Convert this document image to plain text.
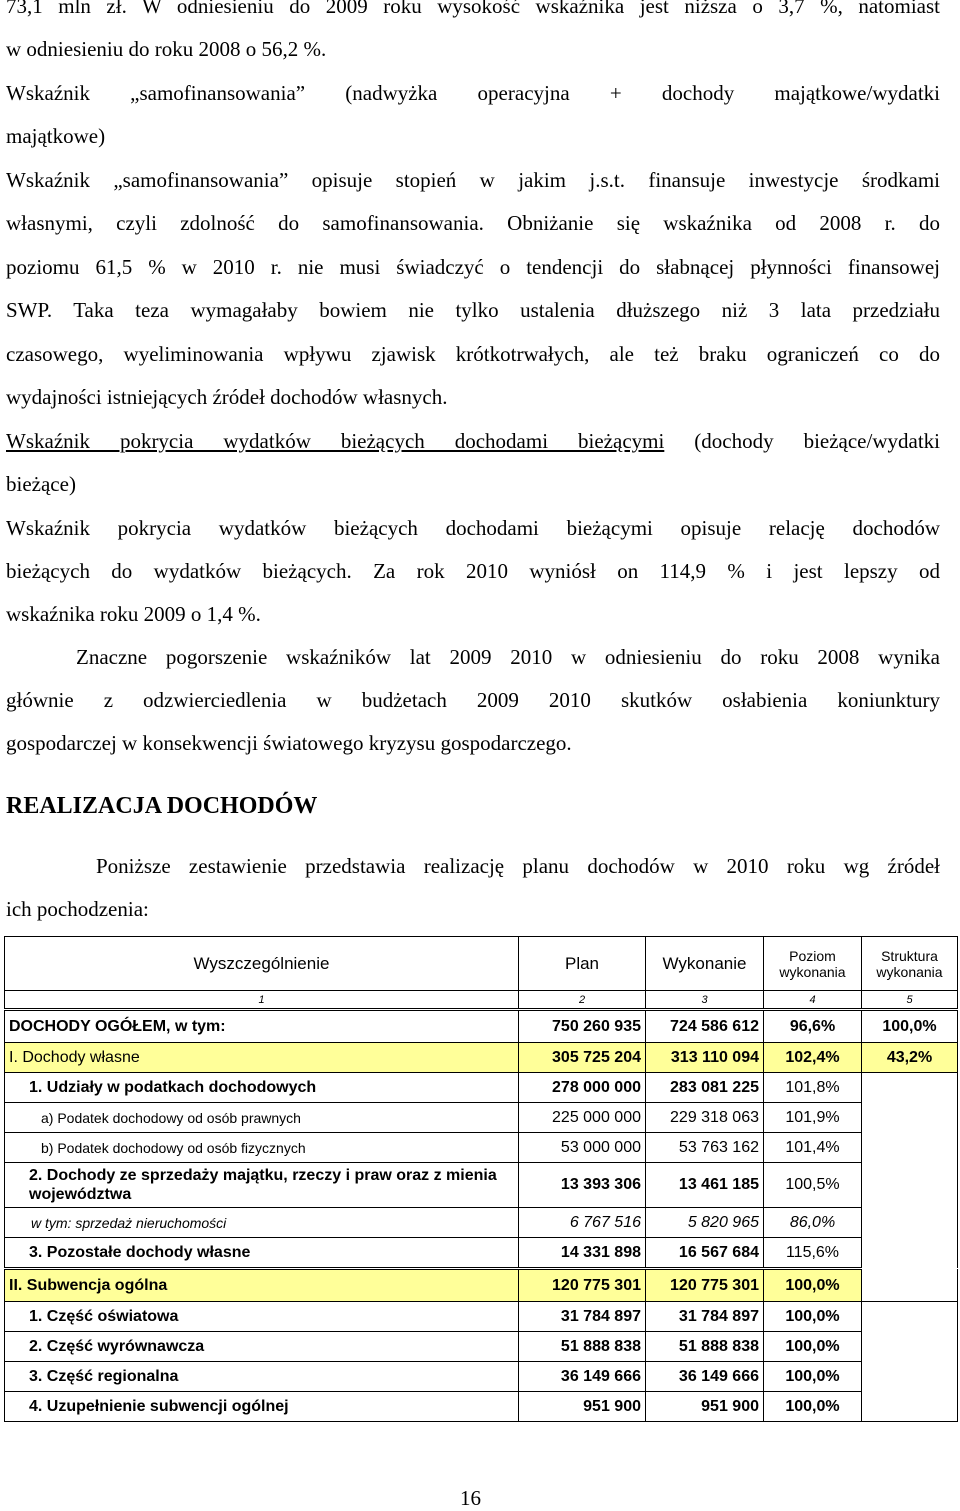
73,1 mln zł. W odniesieniu do 2009 roku wysokość wskaźnika jest niższa o 3,7 %, natomiast
w odniesieniu do roku 2008 o 56,2 %.
Wskaźnik „samofinansowania” (nadwyżka operacyjna + dochody majątkowe/wydatki
majątkowe)
Wskaźnik „samofinansowania” opisuje stopień w jakim j.s.t. finansuje inwestycje środkami
własnymi, czyli zdolność do samofinansowania. Obniżanie się wskaźnika od 2008 r. do
poziomu 61,5 % w 2010 r. nie musi świadczyć o tendencji do słabnącej płynności finansowej
SWP. Taka teza wymagałaby bowiem nie tylko ustalenia dłuższego niż 3 lata przedziału
czasowego, wyeliminowania wpływu zjawisk krótkotrwałych, ale też braku ograniczeń co do
wydajności istniejących źródeł dochodów własnych.
Wskaźnik pokrycia wydatków bieżących dochodami bieżącymi (dochody bieżące/wydatki
bieżące)
Wskaźnik pokrycia wydatków bieżących dochodami bieżącymi opisuje relację dochodów
bieżących do wydatków bieżących. Za rok 2010 wyniósł on 114,9 % i jest lepszy od
wskaźnika roku 2009 o 1,4 %.
Znaczne pogorszenie wskaźników lat 2009 2010 w odniesieniu do roku 2008 wynika
głównie z odzwierciedlenia w budżetach 2009 2010 skutków osłabienia koniunktury
gospodarczej w konsekwencji światowego kryzysu gospodarczego.
REALIZACJA DOCHODÓW
Poniższe zestawienie przedstawia realizację planu dochodów w 2010 roku wg źródeł
ich pochodzenia:
Wyszczególnienie	Plan	Wykonanie	Poziom wykonania	Struktura wykonania	
1	2	3	4	5	
DOCHODY OGÓŁEM, w tym:	750 260 935	724 586 612	96,6%	100,0%	
I. Dochody własne	305 725 204	313 110 094	102,4%	43,2%	
1. Udziały w podatkach dochodowych	278 000 000	283 081 225	101,8%		
a) Podatek dochodowy od osób prawnych	225 000 000	229 318 063	101,9%		
b) Podatek dochodowy od osób fizycznych	53 000 000	53 763 162	101,4%		
2. Dochody ze sprzedaży majątku, rzeczy i praw oraz z mienia województwa	13 393 306	13 461 185	100,5%		
w tym: sprzedaż nieruchomości	6 767 516	5 820 965	86,0%		
3. Pozostałe dochody własne	14 331 898	16 567 684	115,6%		
II. Subwencja ogólna	120 775 301	120 775 301	100,0%	
1. Część oświatowa	31 784 897	31 784 897	100,0%		
2. Część wyrównawcza	51 888 838	51 888 838	100,0%		
3. Część regionalna	36 149 666	36 149 666	100,0%		
4. Uzupełnienie subwencji ogólnej	951 900	951 900	100,0%		
16
